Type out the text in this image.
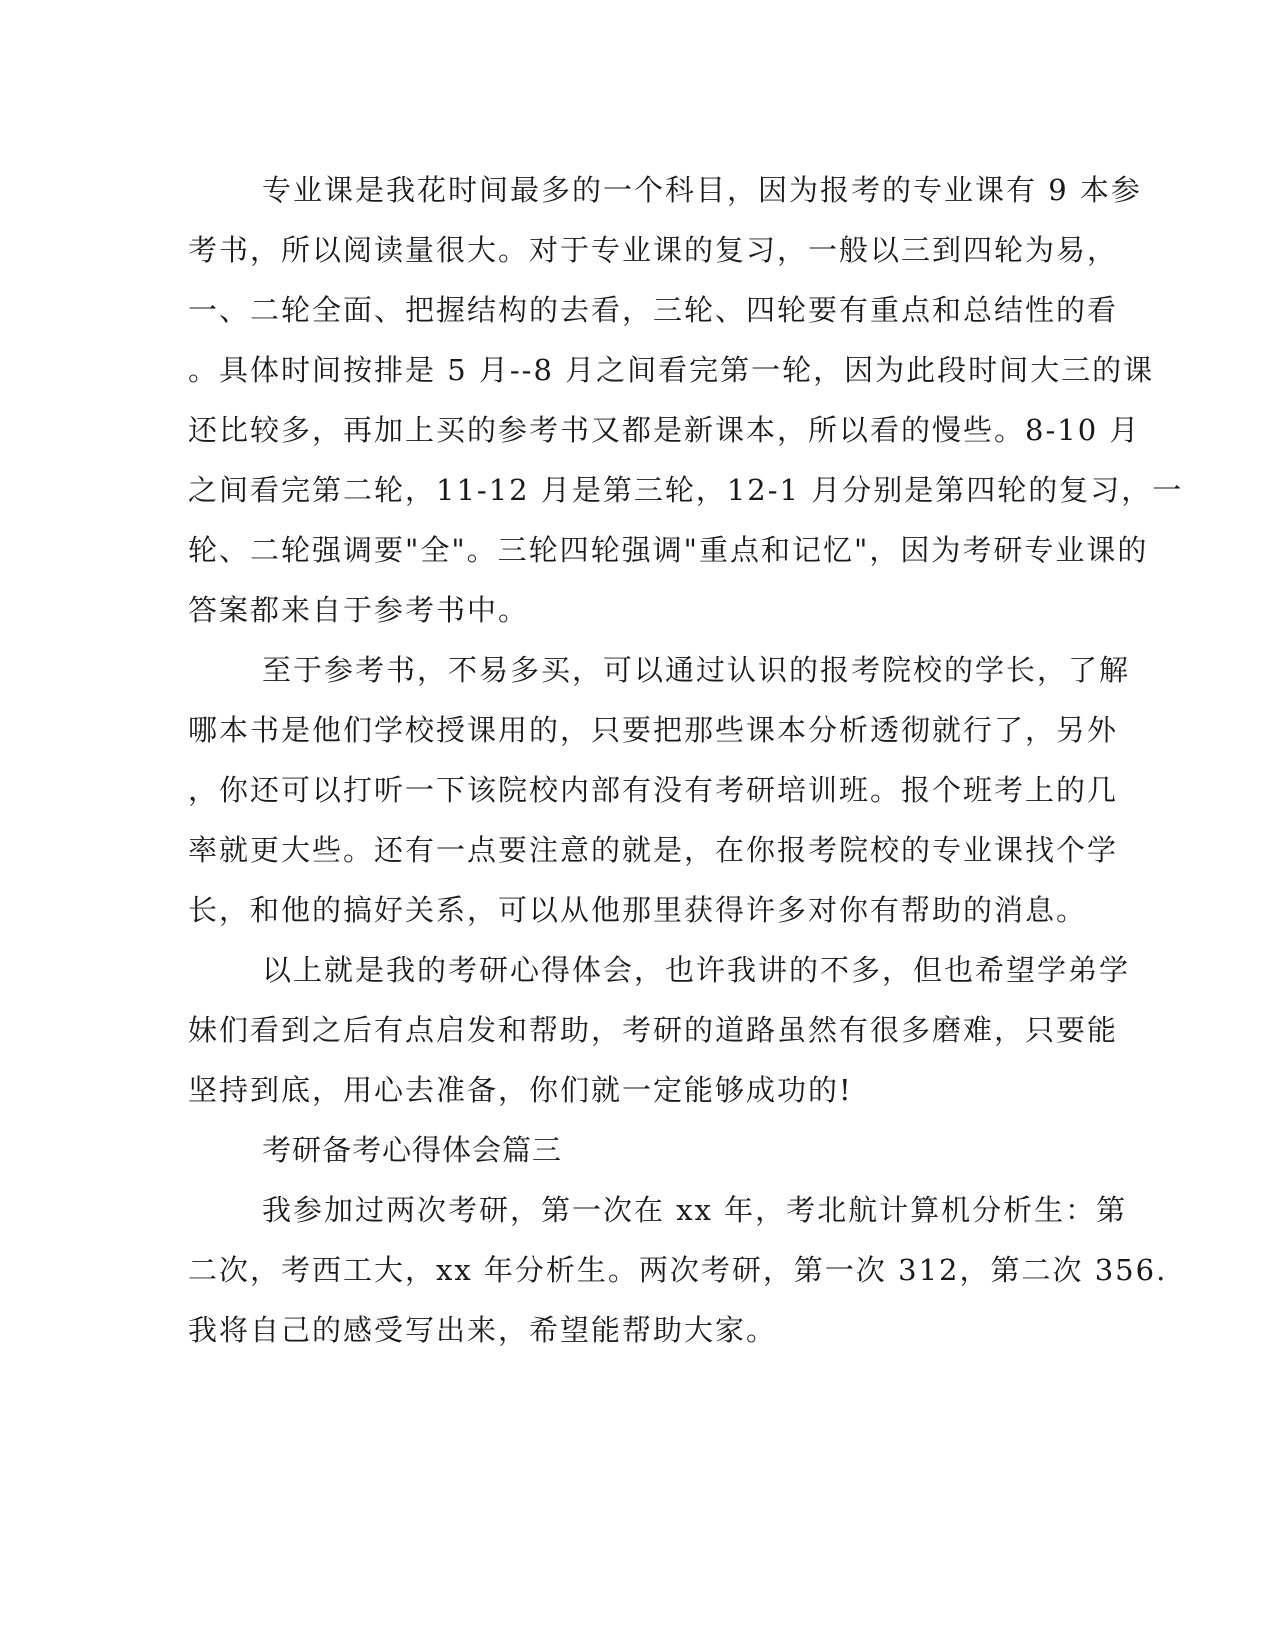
专业课是我花时间最多的一个科目，因为报考的专业课有 9 本参
考书，所以阅读量很大。对于专业课的复习，一般以三到四轮为易，
一、二轮全面、把握结构的去看，三轮、四轮要有重点和总结性的看
。具体时间按排是 5 月--8 月之间看完第一轮，因为此段时间大三的课
还比较多，再加上买的参考书又都是新课本，所以看的慢些。8-10 月
之间看完第二轮，11-12 月是第三轮，12-1 月分别是第四轮的复习，一
轮、二轮强调要"全"。三轮四轮强调"重点和记忆"，因为考研专业课的
答案都来自于参考书中。

至于参考书，不易多买，可以通过认识的报考院校的学长，了解
哪本书是他们学校授课用的，只要把那些课本分析透彻就行了，另外
，你还可以打听一下该院校内部有没有考研培训班。报个班考上的几
率就更大些。还有一点要注意的就是，在你报考院校的专业课找个学
长，和他的搞好关系，可以从他那里获得许多对你有帮助的消息。

以上就是我的考研心得体会，也许我讲的不多，但也希望学弟学
妹们看到之后有点启发和帮助，考研的道路虽然有很多磨难，只要能
坚持到底，用心去准备，你们就一定能够成功的!

考研备考心得体会篇三

我参加过两次考研，第一次在 xx 年，考北航计算机分析生：第
二次，考西工大，xx 年分析生。两次考研，第一次 312，第二次 356.
我将自己的感受写出来，希望能帮助大家。
